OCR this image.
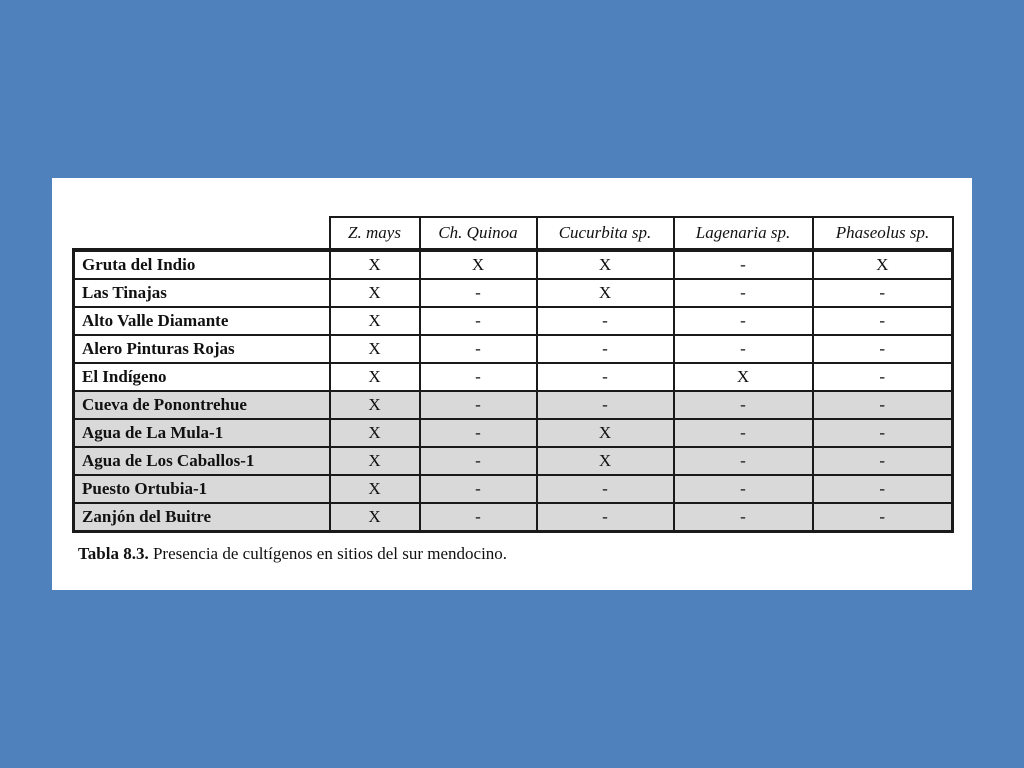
	Z. mays	Ch. Quinoa	Cucurbita sp.	Lagenaria sp.	Phaseolus sp.
Gruta del Indio	X	X	X	-	X
Las Tinajas	X	-	X	-	-
Alto Valle Diamante	X	-	-	-	-
Alero Pinturas Rojas	X	-	-	-	-
El Indígeno	X	-	-	X	-
Cueva de Ponontrehue	X	-	-	-	-
Agua de La Mula-1	X	-	X	-	-
Agua de Los Caballos-1	X	-	X	-	-
Puesto Ortubia-1	X	-	-	-	-
Zanjón del Buitre	X	-	-	-	-
Tabla 8.3. Presencia de cultígenos en sitios del sur mendocino.
